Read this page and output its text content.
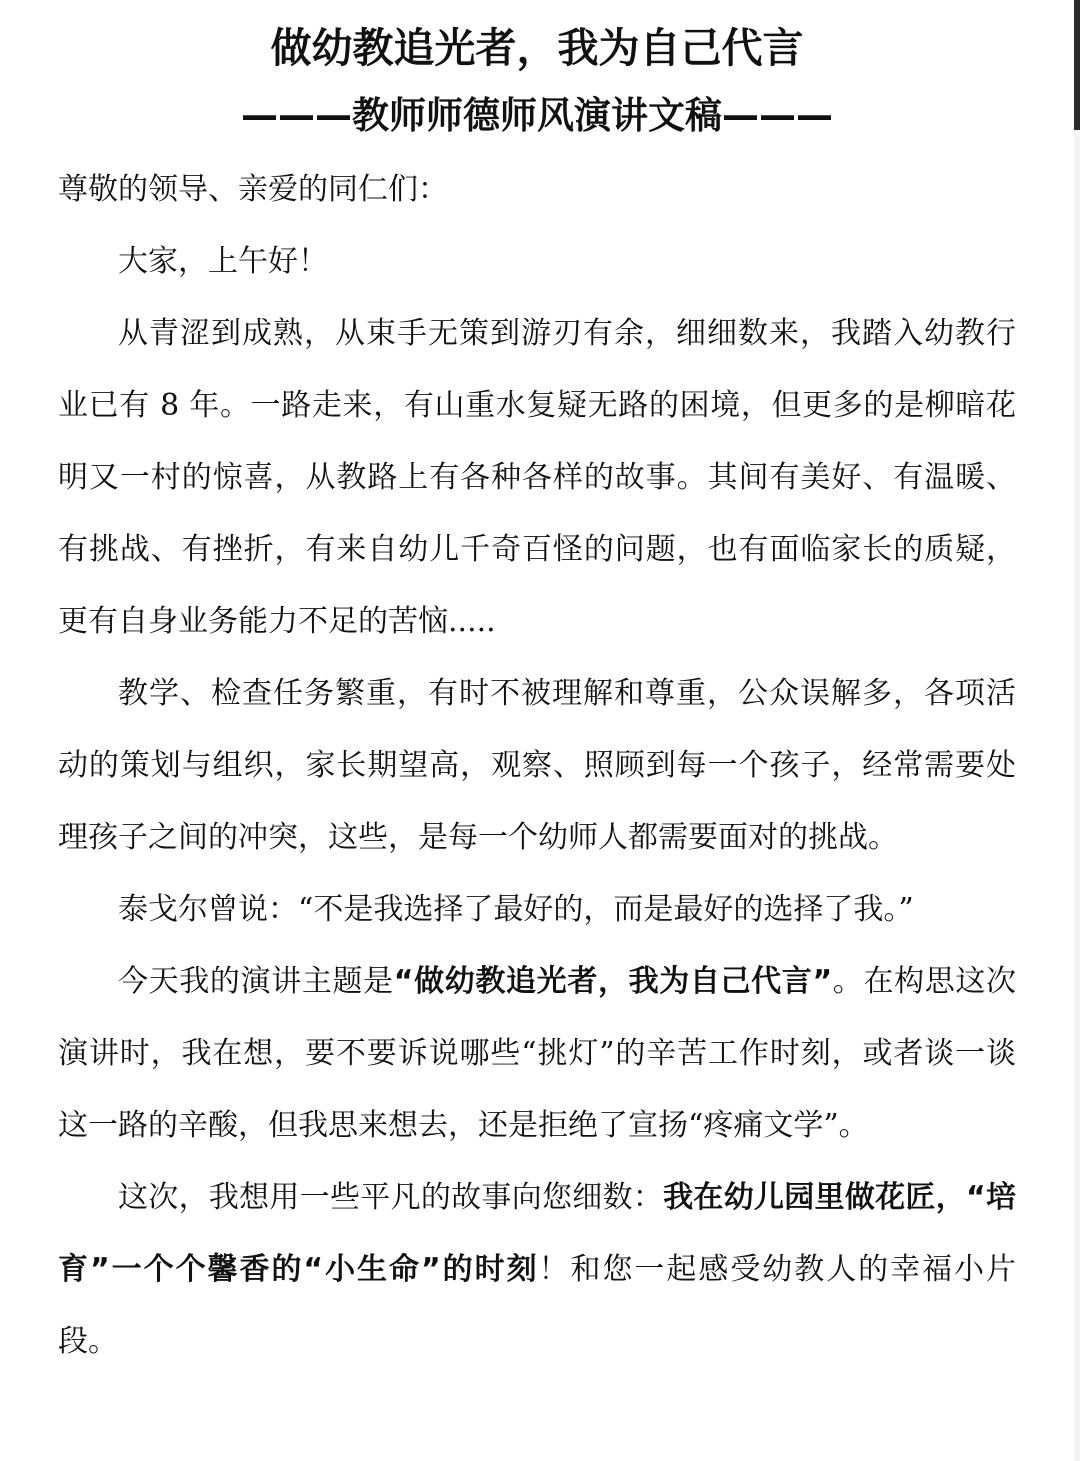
做幼教追光者，我为自己代言
———教师师德师风演讲文稿———

尊敬的领导、亲爱的同仁们：

大家，上午好！

从青涩到成熟，从束手无策到游刃有余，细细数来，我踏入幼教行业已有 8 年。一路走来，有山重水复疑无路的困境，但更多的是柳暗花明又一村的惊喜，从教路上有各种各样的故事。其间有美好、有温暖、有挑战、有挫折，有来自幼儿千奇百怪的问题，也有面临家长的质疑，更有自身业务能力不足的苦恼.....

教学、检查任务繁重，有时不被理解和尊重，公众误解多，各项活动的策划与组织，家长期望高，观察、照顾到每一个孩子，经常需要处理孩子之间的冲突，这些，是每一个幼师人都需要面对的挑战。

泰戈尔曾说：“不是我选择了最好的，而是最好的选择了我。”

今天我的演讲主题是“做幼教追光者，我为自己代言”。在构思这次演讲时，我在想，要不要诉说哪些“挑灯”的辛苦工作时刻，或者谈一谈这一路的辛酸，但我思来想去，还是拒绝了宣扬“疼痛文学”。

这次，我想用一些平凡的故事向您细数：我在幼儿园里做花匠，“培育”一个个馨香的“小生命”的时刻！和您一起感受幼教人的幸福小片段。
